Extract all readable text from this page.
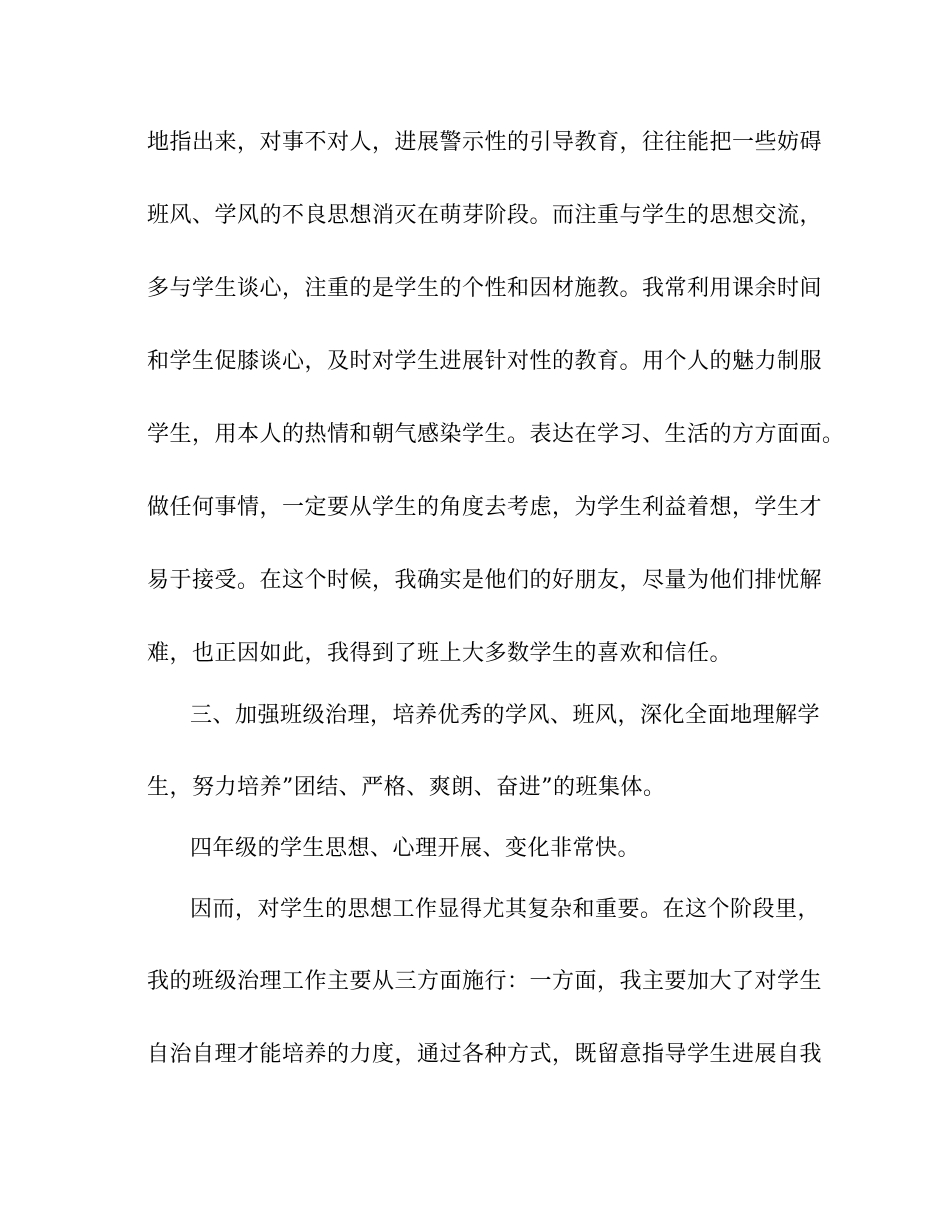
地指出来，对事不对人，进展警示性的引导教育，往往能把一些妨碍
班风、学风的不良思想消灭在萌芽阶段。而注重与学生的思想交流，
多与学生谈心，注重的是学生的个性和因材施教。我常利用课余时间
和学生促膝谈心，及时对学生进展针对性的教育。用个人的魅力制服
学生，用本人的热情和朝气感染学生。表达在学习、生活的方方面面。
做任何事情，一定要从学生的角度去考虑，为学生利益着想，学生才
易于接受。在这个时候，我确实是他们的好朋友，尽量为他们排忧解
难，也正因如此，我得到了班上大多数学生的喜欢和信任。
三、加强班级治理，培养优秀的学风、班风，深化全面地理解学
生，努力培养”团结、严格、爽朗、奋进”的班集体。
四年级的学生思想、心理开展、变化非常快。
因而，对学生的思想工作显得尤其复杂和重要。在这个阶段里，
我的班级治理工作主要从三方面施行：一方面，我主要加大了对学生
自治自理才能培养的力度，通过各种方式，既留意指导学生进展自我
